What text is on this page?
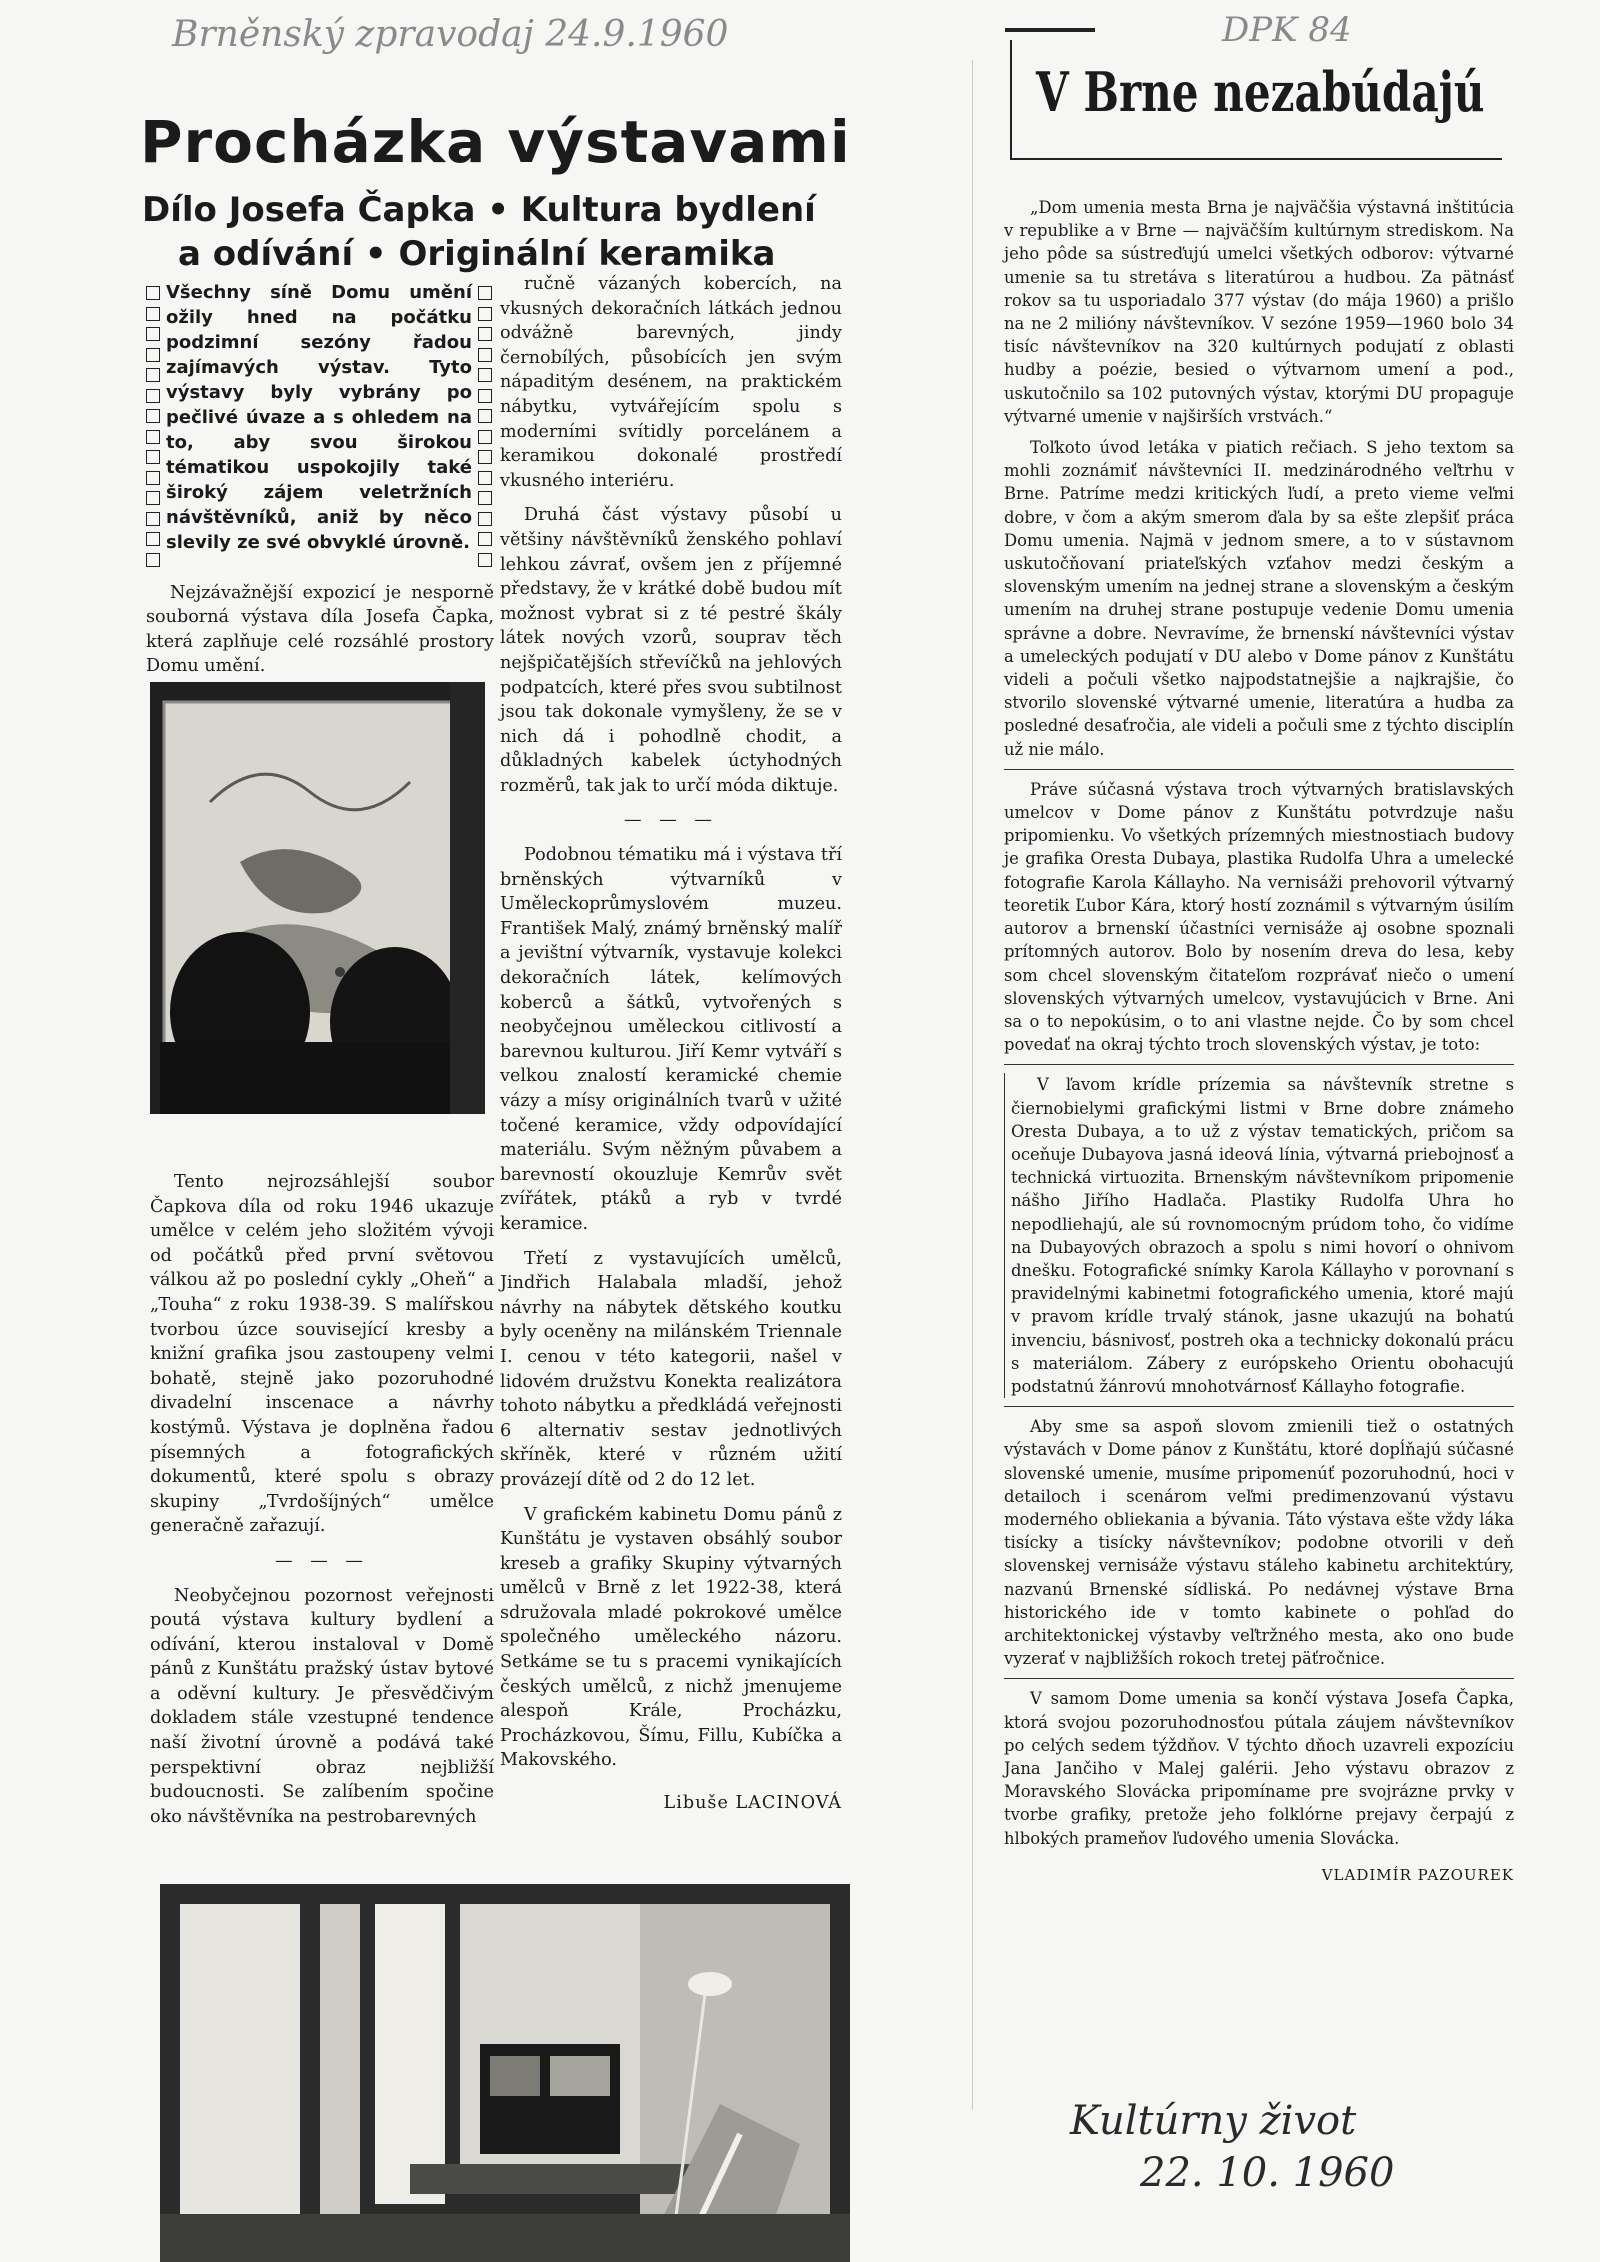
Brněnský zpravodaj 24.9.1960	DPK 84
Procházka výstavami
Dílo Josefa Čapka • Kultura bydlení
a odívání • Originální keramika
Všechny síně Domu umění ožily hned na počátku podzimní sezóny řadou zajímavých výstav. Tyto výstavy byly vybrány po pečlivé úvaze a s ohledem na to, aby svou širokou tématikou uspokojily také široký zájem veletržních návštěvníků, aniž by něco slevily ze své obvyklé úrovně.

Nejzávažnější expozicí je nesporně souborná výstava díla Josefa Čapka, která zaplňuje celé rozsáhlé prostory Domu umění.

Tento nejrozsáhlejší soubor Čapkova díla od roku 1946 ukazuje umělce v celém jeho složitém vývoji od počátků před první světovou válkou až po poslední cykly „Oheň“ a „Touha“ z roku 1938-39. S malířskou tvorbou úzce související kresby a knižní grafika jsou zastoupeny velmi bohatě, stejně jako pozoruhodné divadelní inscenace a návrhy kostýmů. Výstava je doplněna řadou písemných a fotografických dokumentů, které spolu s obrazy skupiny „Tvrdošíjných“ umělce generačně zařazují.

— — —

Neobyčejnou pozornost veřejnosti poutá výstava kultury bydlení a odívání, kterou instaloval v Domě pánů z Kunštátu pražský ústav bytové a oděvní kultury. Je přesvědčivým dokladem stále vzestupné tendence naší životní úrovně a podává také perspektivní obraz nejbližší budoucnosti. Se zalíbením spočine oko návštěvníka na pestrobarevných

ručně vázaných kobercích, na vkusných dekoračních látkách jednou odvážně barevných, jindy černobílých, působících jen svým nápaditým desénem, na praktickém nábytku, vytvářejícím spolu s moderními svítidly porcelánem a keramikou dokonalé prostředí vkusného interiéru.

Druhá část výstavy působí u většiny návštěvníků ženského pohlaví lehkou závrať, ovšem jen z příjemné představy, že v krátké době budou mít možnost vybrat si z té pestré škály látek nových vzorů, souprav těch nejšpičatějších střevíčků na jehlových podpatcích, které přes svou subtilnost jsou tak dokonale vymyšleny, že se v nich dá i pohodlně chodit, a důkladných kabelek úctyhodných rozměrů, tak jak to určí móda diktuje.

— — —

Podobnou tématiku má i výstava tří brněnských výtvarníků v Uměleckoprůmyslovém muzeu. František Malý, známý brněnský malíř a jevištní výtvarník, vystavuje kolekci dekoračních látek, kelímových koberců a šátků, vytvořených s neobyčejnou uměleckou citlivostí a barevnou kulturou. Jiří Kemr vytváří s velkou znalostí keramické chemie vázy a mísy originálních tvarů v užité točené keramice, vždy odpovídající materiálu. Svým něžným půvabem a barevností okouzluje Kemrův svět zvířátek, ptáků a ryb v tvrdé keramice.

Třetí z vystavujících umělců, Jindřich Halabala mladší, jehož návrhy na nábytek dětského koutku byly oceněny na milánském Triennale I. cenou v této kategorii, našel v lidovém družstvu Konekta realizátora tohoto nábytku a předkládá veřejnosti 6 alternativ sestav jednotlivých skříněk, které v různém užití provázejí dítě od 2 do 12 let.

V grafickém kabinetu Domu pánů z Kunštátu je vystaven obsáhlý soubor kreseb a grafiky Skupiny výtvarných umělců v Brně z let 1922-38, která sdružovala mladé pokrokové umělce společného uměleckého názoru. Setkáme se tu s pracemi vynikajících českých umělců, z nichž jmenujeme alespoň Krále, Procházku, Procházkovou, Šímu, Fillu, Kubíčka a Makovského.

Libuše LACINOVÁ

V Brne nezabúdajú

„Dom umenia mesta Brna je najväčšia výstavná inštitúcia v republike a v Brne — najväčším kultúrnym strediskom. Na jeho pôde sa sústreďujú umelci všetkých odborov: výtvarné umenie sa tu stretáva s literatúrou a hudbou. Za pätnásť rokov sa tu usporiadalo 377 výstav (do mája 1960) a prišlo na ne 2 milióny návštevníkov. V sezóne 1959—1960 bolo 34 tisíc návštevníkov na 320 kultúrnych podujatí z oblasti hudby a poézie, besied o výtvarnom umení a pod., uskutočnilo sa 102 putovných výstav, ktorými DU propaguje výtvarné umenie v najširších vrstvách.“

Toľkoto úvod letáka v piatich rečiach. S jeho textom sa mohli zoznámiť návštevníci II. medzinárodného veľtrhu v Brne. Patríme medzi kritických ľudí, a preto vieme veľmi dobre, v čom a akým smerom ďala by sa ešte zlepšiť práca Domu umenia. Najmä v jednom smere, a to v sústavnom uskutočňovaní priateľských vzťahov medzi českým a slovenským umením na jednej strane a slovenským a českým umením na druhej strane postupuje vedenie Domu umenia správne a dobre. Nevravíme, že brnenskí návštevníci výstav a umeleckých podujatí v DU alebo v Dome pánov z Kunštátu videli a počuli všetko najpodstatnejšie a najkrajšie, čo stvorilo slovenské výtvarné umenie, literatúra a hudba za posledné desaťročia, ale videli a počuli sme z týchto disciplín už nie málo.

Práve súčasná výstava troch výtvarných bratislavských umelcov v Dome pánov z Kunštátu potvrdzuje našu pripomienku. Vo všetkých prízemných miestnostiach budovy je grafika Oresta Dubaya, plastika Rudolfa Uhra a umelecké fotografie Karola Kállayho. Na vernisáži prehovoril výtvarný teoretik Ľubor Kára, ktorý hostí zoznámil s výtvarným úsilím autorov a brnenskí účastníci vernisáže aj osobne spoznali prítomných autorov. Bolo by nosením dreva do lesa, keby som chcel slovenským čitateľom rozprávať niečo o umení slovenských výtvarných umelcov, vystavujúcich v Brne. Ani sa o to nepokúsim, o to ani vlastne nejde. Čo by som chcel povedať na okraj týchto troch slovenských výstav, je toto:

V ľavom krídle prízemia sa návštevník stretne s čiernobielymi grafickými listmi v Brne dobre známeho Oresta Dubaya, a to už z výstav tematických, pričom sa oceňuje Dubayova jasná ideová línia, výtvarná priebojnosť a technická virtuozita. Brnenským návštevníkom pripomenie nášho Jiřího Hadlača. Plastiky Rudolfa Uhra ho nepodliehajú, ale sú rovnomocným prúdom toho, čo vidíme na Dubayových obrazoch a spolu s nimi hovorí o ohnivom dnešku. Fotografické snímky Karola Kállayho v porovnaní s pravidelnými kabinetmi fotografického umenia, ktoré majú v pravom krídle trvalý stánok, jasne ukazujú na bohatú invenciu, básnivosť, postreh oka a technicky dokonalú prácu s materiálom. Zábery z európskeho Orientu obohacujú podstatnú žánrovú mnohotvárnosť Kállayho fotografie.

Aby sme sa aspoň slovom zmienili tiež o ostatných výstavách v Dome pánov z Kunštátu, ktoré dopĺňajú súčasné slovenské umenie, musíme pripomenúť pozoruhodnú, hoci v detailoch i scenárom veľmi predimenzovanú výstavu moderného obliekania a bývania. Táto výstava ešte vždy láka tisícky a tisícky návštevníkov; podobne otvorili v deň slovenskej vernisáže výstavu stáleho kabinetu architektúry, nazvanú Brnenské sídliská. Po nedávnej výstave Brna historického ide v tomto kabinete o pohľad do architektonickej výstavby veľtržného mesta, ako ono bude vyzerať v najbližších rokoch tretej päťročnice.

V samom Dome umenia sa končí výstava Josefa Čapka, ktorá svojou pozoruhodnosťou pútala záujem návštevníkov po celých sedem týždňov. V týchto dňoch uzavreli expozíciu Jana Jančiho v Malej galérii. Jeho výstavu obrazov z Moravského Slovácka pripomíname pre svojrázne prvky v tvorbe grafiky, pretože jeho folklórne prejavy čerpajú z hlbokých prameňov ľudového umenia Slovácka.

VLADIMÍR PAZOUREK

Kultúrny život
22. 10. 1960
